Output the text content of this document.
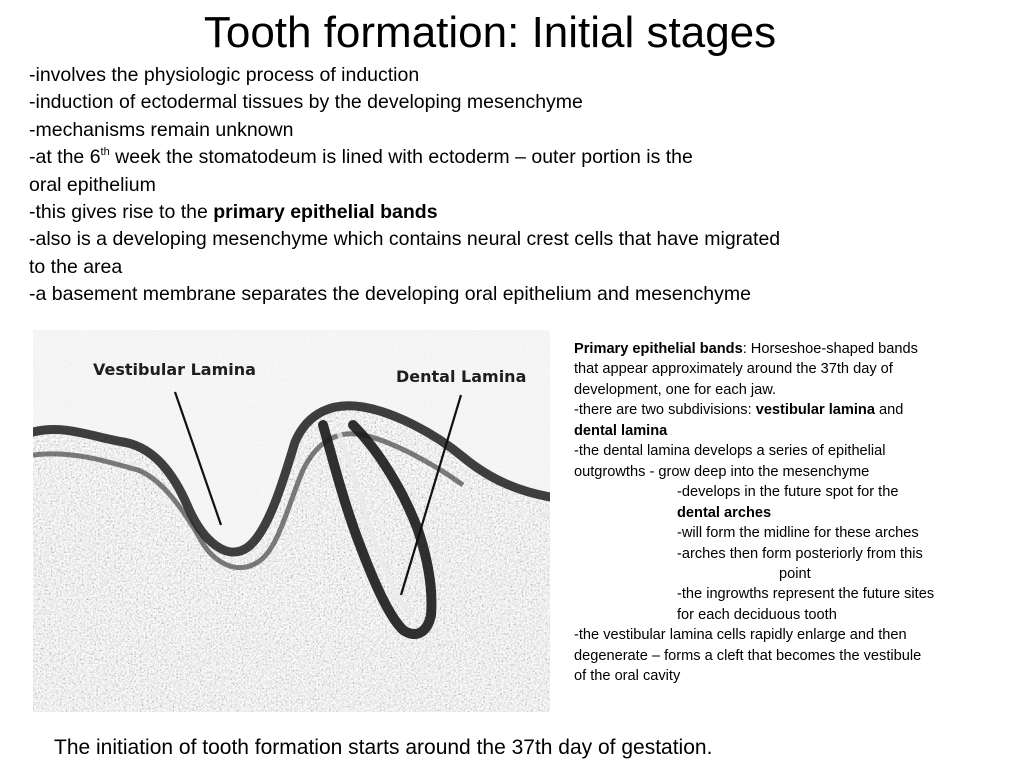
Tooth formation: Initial stages
-involves the physiologic process of induction
-induction of ectodermal tissues by the developing mesenchyme
-mechanisms remain unknown
-at the 6th week the stomatodeum is lined with ectoderm – outer portion is the
oral epithelium
-this gives rise to the primary epithelial bands
-also is a developing mesenchyme which contains neural crest cells that have migrated
to the area
-a basement membrane separates the developing oral epithelium and mesenchyme
Vestibular Lamina	Dental Lamina
Primary epithelial bands: Horseshoe-shaped bands
that appear approximately around the 37th day of
development, one for each jaw.
-there are two subdivisions: vestibular lamina and
dental lamina
-the dental lamina develops a series of epithelial
outgrowths - grow deep into the mesenchyme
-develops in the future spot for the
dental arches
-will form the midline for these arches
-arches then form posteriorly from this
point
-the ingrowths represent the future sites
for each deciduous tooth
-the vestibular lamina cells rapidly enlarge and then
degenerate – forms a cleft that becomes the vestibule
of the oral cavity
The initiation of tooth formation starts around the 37th day of gestation.
